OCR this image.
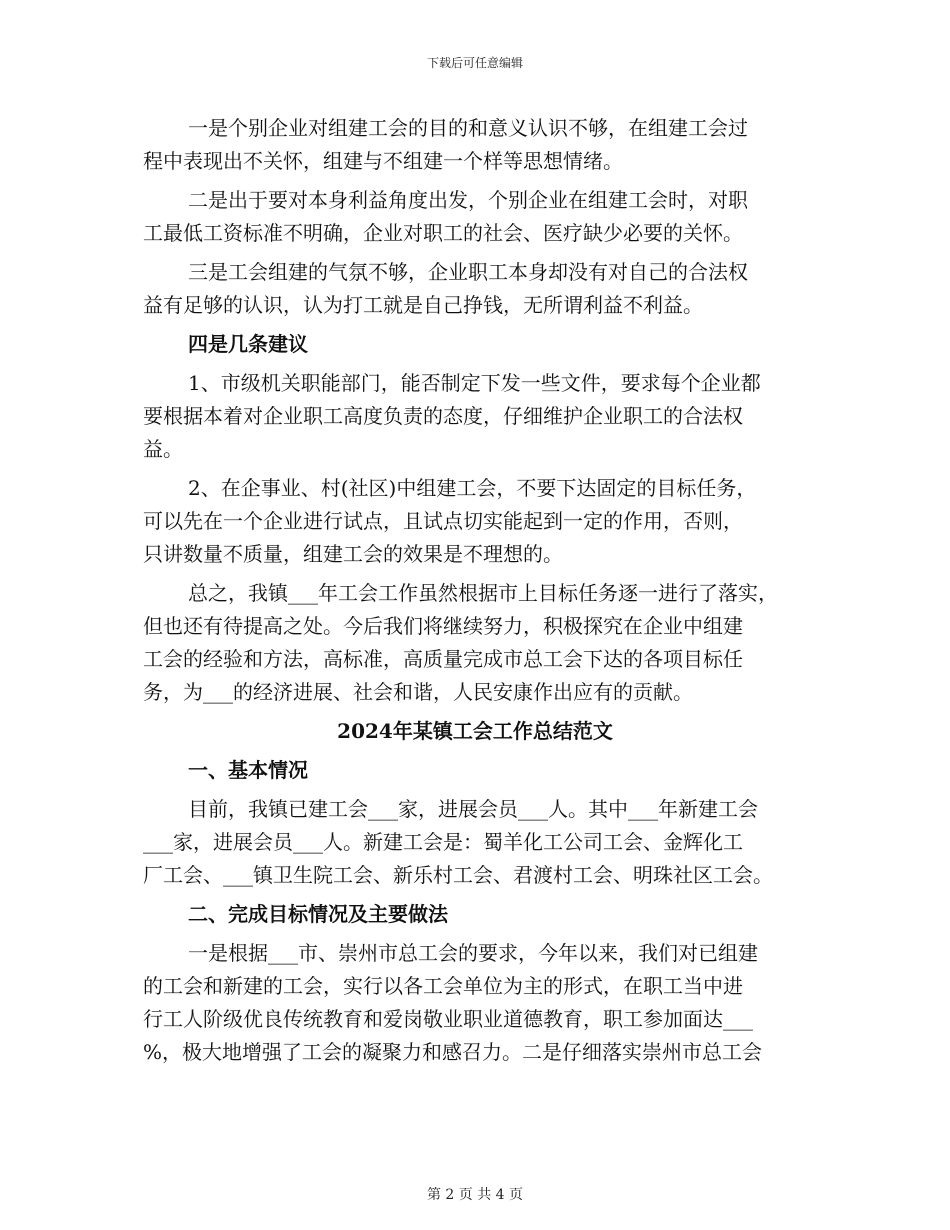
下载后可任意编辑
一是个别企业对组建工会的目的和意义认识不够，在组建工会过
程中表现出不关怀，组建与不组建一个样等思想情绪。
二是出于要对本身利益角度出发，个别企业在组建工会时，对职
工最低工资标准不明确，企业对职工的社会、医疗缺少必要的关怀。
三是工会组建的气氛不够，企业职工本身却没有对自己的合法权
益有足够的认识，认为打工就是自己挣钱，无所谓利益不利益。
四是几条建议
1、市级机关职能部门，能否制定下发一些文件，要求每个企业都
要根据本着对企业职工高度负责的态度，仔细维护企业职工的合法权
益。
2、在企事业、村(社区)中组建工会，不要下达固定的目标任务，
可以先在一个企业进行试点，且试点切实能起到一定的作用，否则，
只讲数量不质量，组建工会的效果是不理想的。
总之，我镇___年工会工作虽然根据市上目标任务逐一进行了落实，
但也还有待提高之处。今后我们将继续努力，积极探究在企业中组建
工会的经验和方法，高标准，高质量完成市总工会下达的各项目标任
务，为___的经济进展、社会和谐，人民安康作出应有的贡献。
2024年某镇工会工作总结范文
一、基本情况
目前，我镇已建工会___家，进展会员___人。其中___年新建工会
___家，进展会员___人。新建工会是：蜀羊化工公司工会、金辉化工
厂工会、___镇卫生院工会、新乐村工会、君渡村工会、明珠社区工会。
二、完成目标情况及主要做法
一是根据___市、崇州市总工会的要求，今年以来，我们对已组建
的工会和新建的工会，实行以各工会单位为主的形式，在职工当中进
行工人阶级优良传统教育和爱岗敬业职业道德教育，职工参加面达___
%，极大地增强了工会的凝聚力和感召力。二是仔细落实崇州市总工会
第 2 页 共 4 页
